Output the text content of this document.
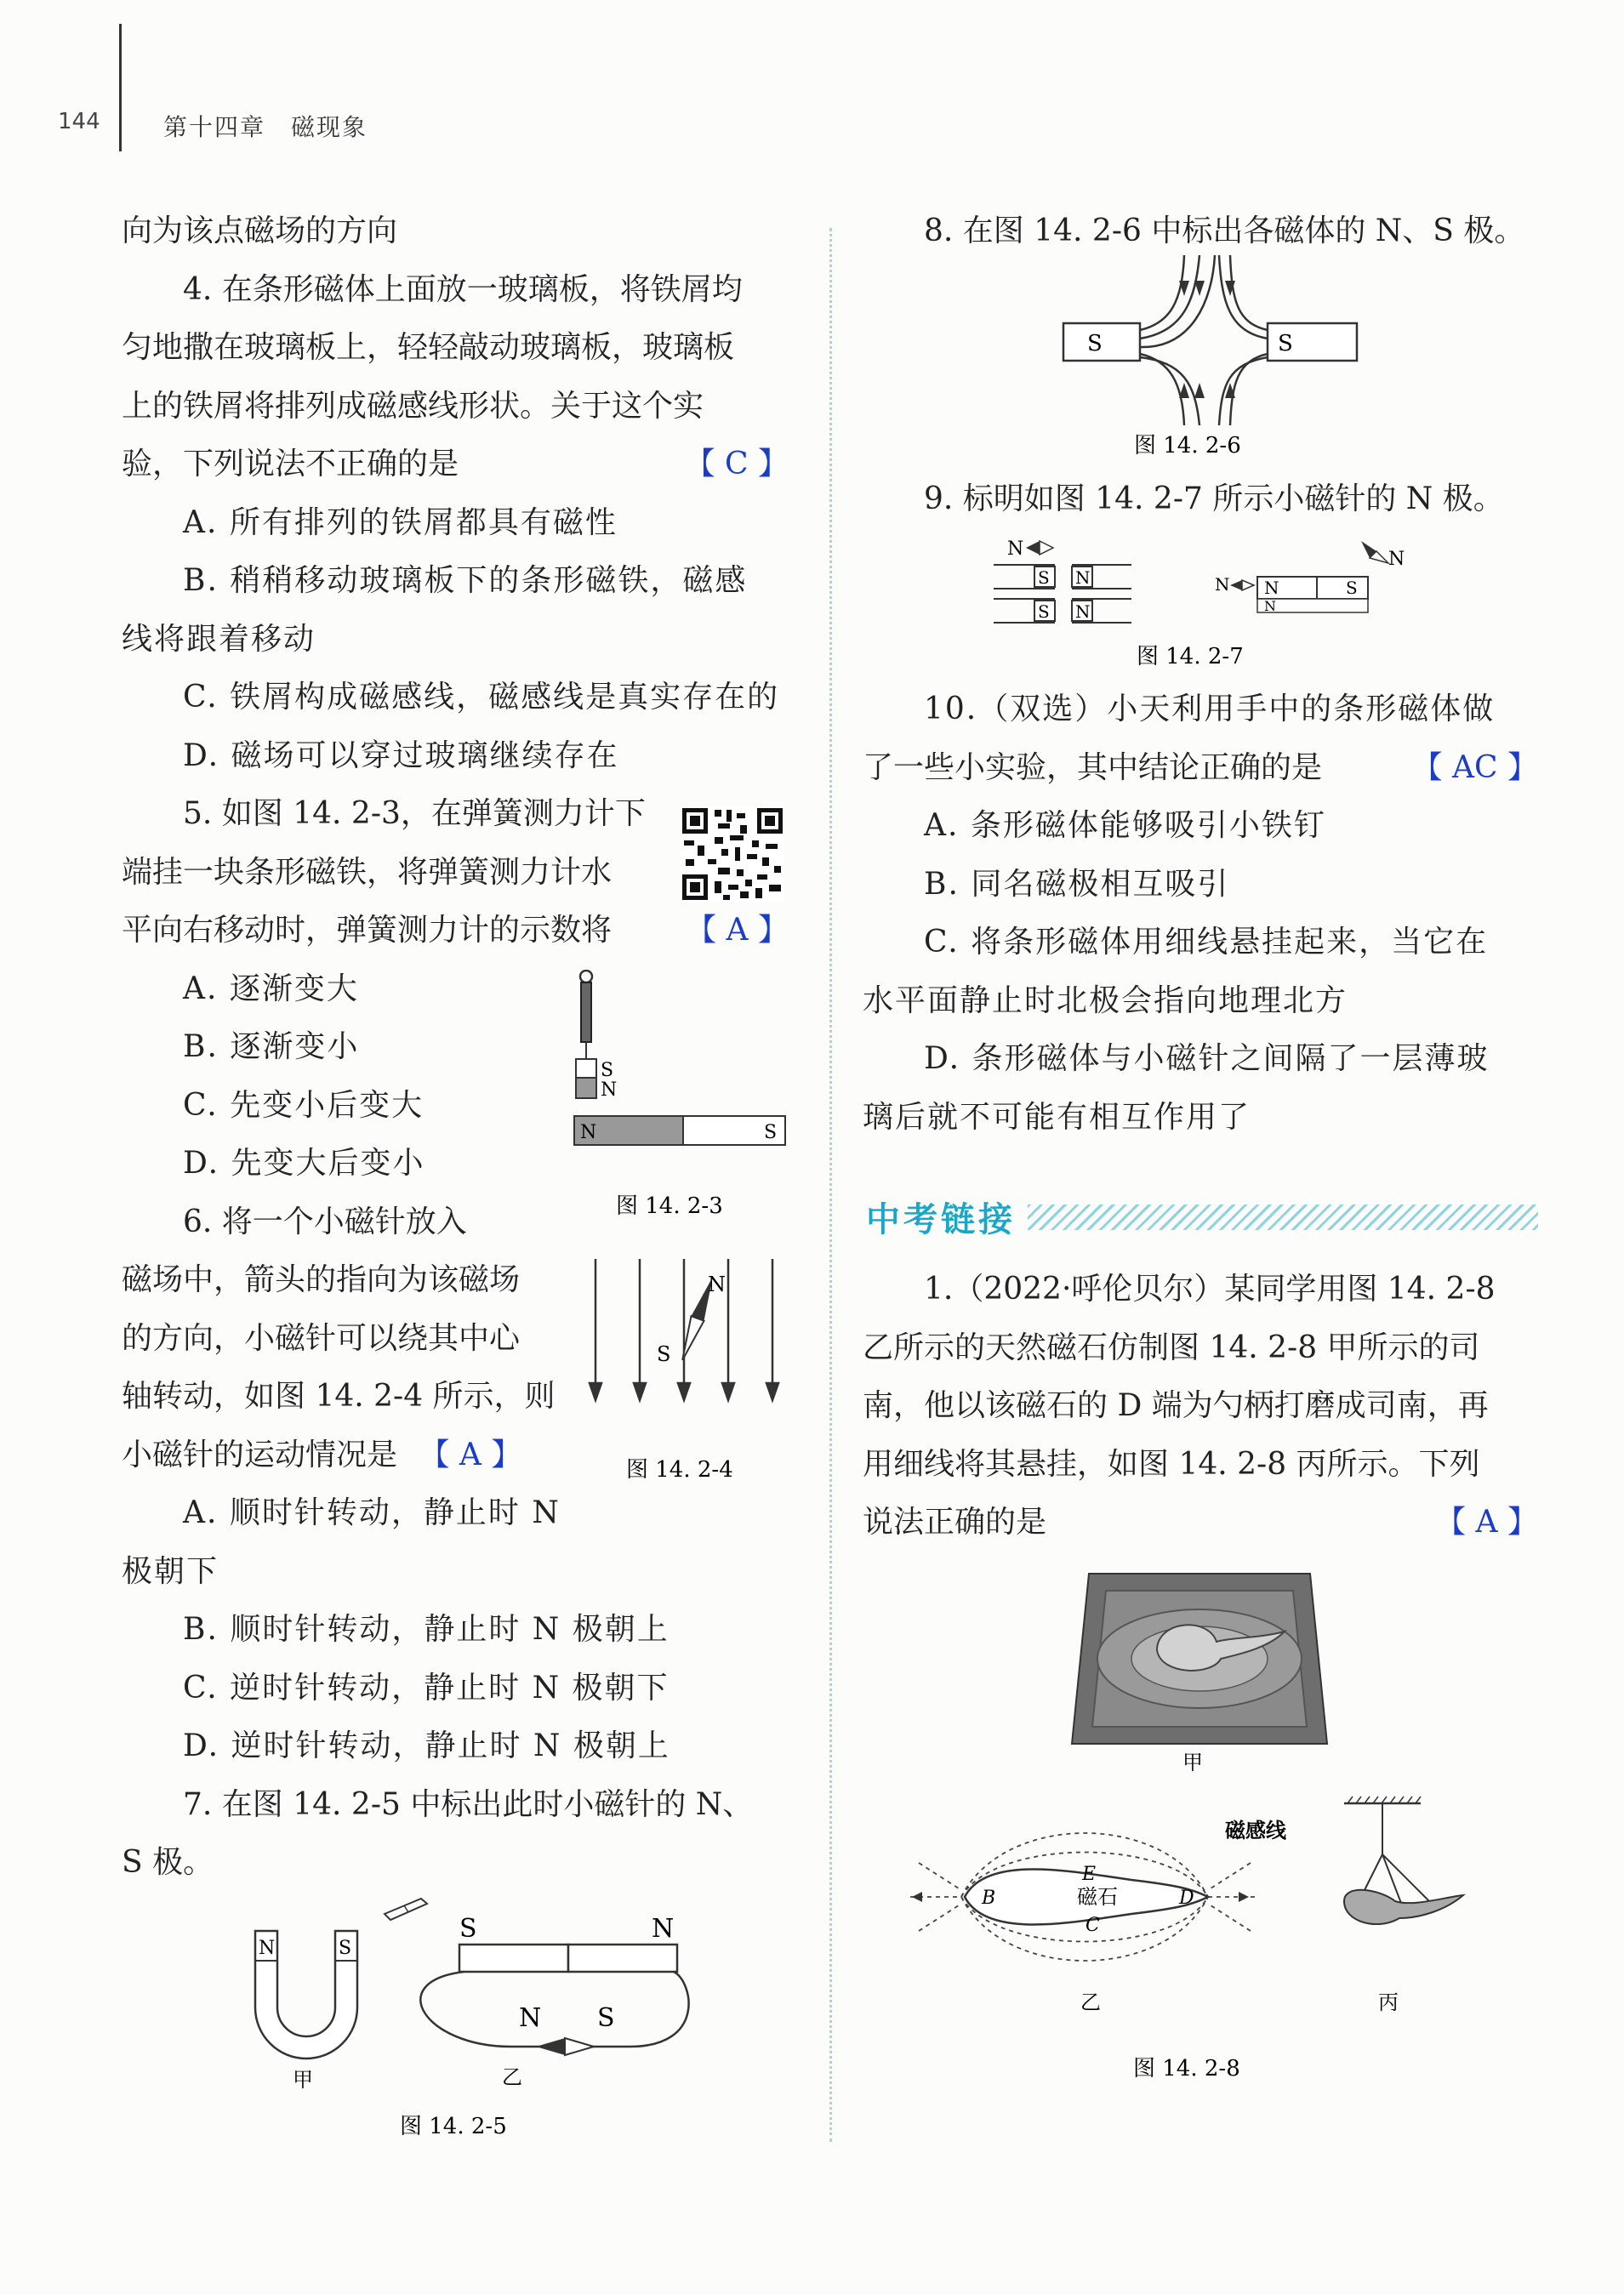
144	第十四章　磁现象
向为该点磁场的方向
4. 在条形磁体上面放一玻璃板，将铁屑均
匀地撒在玻璃板上，轻轻敲动玻璃板，玻璃板
上的铁屑将排列成磁感线形状。关于这个实
验，下列说法不正确的是	【 C 】
A. 所有排列的铁屑都具有磁性
B. 稍稍移动玻璃板下的条形磁铁，磁感
线将跟着移动
C. 铁屑构成磁感线，磁感线是真实存在的
D. 磁场可以穿过玻璃继续存在
5. 如图 14. 2-3，在弹簧测力计下
端挂一块条形磁铁，将弹簧测力计水
平向右移动时，弹簧测力计的示数将 【 A 】
A. 逐渐变大
B. 逐渐变小
C. 先变小后变大
D. 先变大后变小
6. 将一个小磁针放入
磁场中，箭头的指向为该磁场
的方向，小磁针可以绕其中心
轴转动，如图 14. 2-4 所示，则
小磁针的运动情况是 【 A 】
A. 顺时针转动，静止时 N
极朝下
B. 顺时针转动，静止时 N 极朝上
C. 逆时针转动，静止时 N 极朝下
D. 逆时针转动，静止时 N 极朝上
7. 在图 14. 2-5 中标出此时小磁针的 N、
S 极。
S
N
N	S
图 14. 2-3
N
S
图 14. 2-4
N	S
甲
S	N
N S
乙
图 14. 2-5
8. 在图 14. 2-6 中标出各磁体的 N、S 极。
S	S
图 14. 2-6
9. 标明如图 14. 2-7 所示小磁针的 N 极。
N
S N
S N
N
N N	S
N
图 14. 2-7
10.（双选）小天利用手中的条形磁体做
了一些小实验，其中结论正确的是	【 AC 】
A. 条形磁体能够吸引小铁钉
B. 同名磁极相互吸引
C. 将条形磁体用细线悬挂起来，当它在
水平面静止时北极会指向地理北方
D. 条形磁体与小磁针之间隔了一层薄玻
璃后就不可能有相互作用了
中考链接
1.（2022·呼伦贝尔）某同学用图 14. 2-8
乙所示的天然磁石仿制图 14. 2-8 甲所示的司
南，他以该磁石的 D 端为勺柄打磨成司南，再
用细线将其悬挂，如图 14. 2-8 丙所示。下列
说法正确的是	【 A 】
甲
磁感线
磁石
B
C
D
E
乙	丙
图 14. 2-8
